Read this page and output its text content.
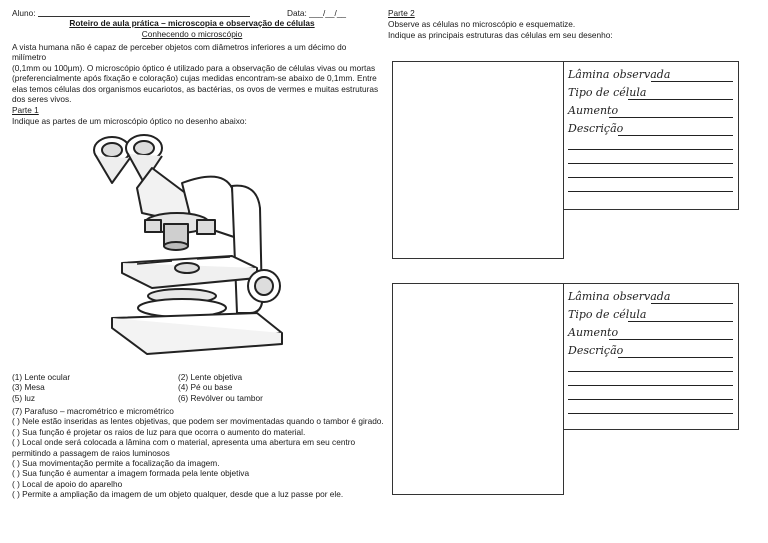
Aluno:	Data: ___/__/__
Roteiro de aula prática – microscopia e observação de células
Conhecendo o microscópio
A vista humana não é capaz de perceber objetos com diâmetros inferiores a um décimo do milímetro
(0,1mm ou 100µm). O microscópio óptico é utilizado para a observação de células vivas ou mortas
(preferencialmente após fixação e coloração) cujas medidas encontram-se abaixo de 0,1mm. Entre
elas temos células dos organismos eucariotos, as bactérias, os ovos de vermes e muitas estruturas
dos seres vivos.
Parte 1
Indique as partes de um microscópio óptico no desenho abaixo:
(1) Lente ocular
(3) Mesa
(5) luz
(2) Lente objetiva
(4) Pé ou base
(6) Revólver ou tambor
(7) Parafuso – macrométrico e micrométrico
( ) Nele estão inseridas as lentes objetivas, que podem ser movimentadas quando o tambor é girado.
( ) Sua função é projetar os raios de luz para que ocorra o aumento do material.
( ) Local onde será colocada a lâmina com o material, apresenta uma abertura em seu centro
permitindo a passagem de raios luminosos
( ) Sua movimentação permite a focalização da imagem.
( ) Sua função é aumentar a imagem formada pela lente objetiva
( ) Local de apoio do aparelho
( ) Permite a ampliação da imagem de um objeto qualquer, desde que a luz passe por ele.
Parte 2
Observe as células no microscópio e esquematize.
Indique as principais estruturas das células em seu desenho:
Lâmina observada
Tipo de célula
Aumento
Descrição
Lâmina observada
Tipo de célula
Aumento
Descrição
